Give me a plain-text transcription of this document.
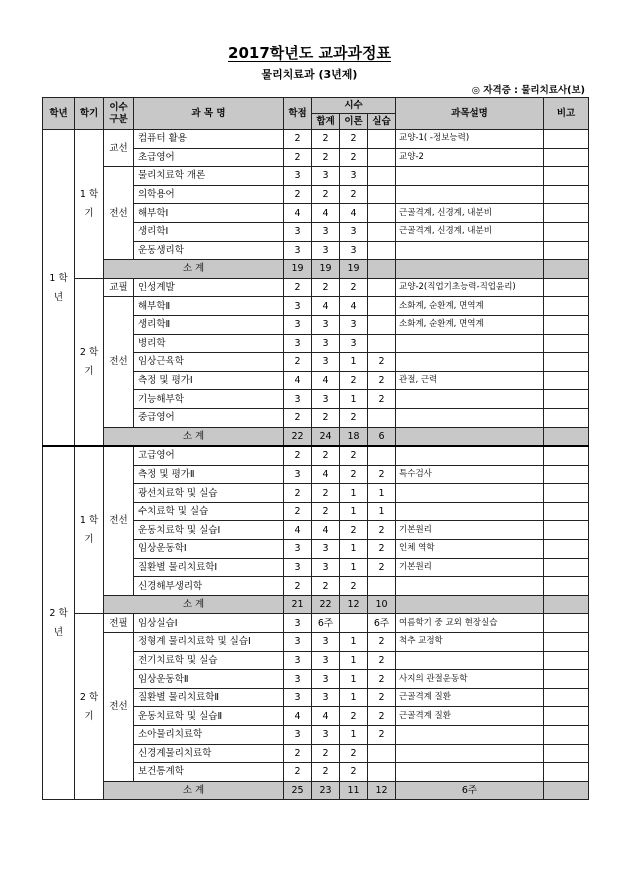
2017학년도 교과과정표
물리치료과 (3년제)
◎ 자격증 : 물리치료사(보)
학년	학기	이수구분	과 목 명	학점	시수			과목설명	비고
					합계	이론	실습		
1 학 년	1 학 기	교선	컴퓨터 활용	2	2	2		교양-1( -정보능력)	
			초급영어	2	2	2		교양-2	
		전선	물리치료학 개론	3	3	3			
			의학용어	2	2	2			
			해부학Ⅰ	4	4	4		근골격계, 신경계, 내분비	
			생리학Ⅰ	3	3	3		근골격계, 신경계, 내분비	
			운동생리학	3	3	3			
		소 계		19	19	19			
	2 학 기	교필	인성계발	2	2	2		교양-2(직업기초능력-직업윤리)	
		전선	해부학Ⅱ	3	4	4		소화계, 순환계, 면역계	
			생리학Ⅱ	3	3	3		소화계, 순환계, 면역계	
			병리학	3	3	3			
			임상근육학	2	3	1	2		
			측정 및 평가Ⅰ	4	4	2	2	관절, 근력	
			기능해부학	3	3	1	2		
			중급영어	2	2	2			
		소 계		22	24	18	6		
2 학 년	1 학 기	전선	고급영어	2	2	2			
			측정 및 평가Ⅱ	3	4	2	2	특수검사	
			광선치료학 및 실습	2	2	1	1		
			수치료학 및 실습	2	2	1	1		
			운동치료학 및 실습Ⅰ	4	4	2	2	기본원리	
			임상운동학Ⅰ	3	3	1	2	인체 역학	
			질환별 물리치료학Ⅰ	3	3	1	2	기본원리	
			신경해부생리학	2	2	2			
		소 계		21	22	12	10		
	2 학 기	전필	임상실습Ⅰ	3	6주		6주	여름학기 중 교외 현장실습	
		전선	정형계 물리치료학 및 실습Ⅰ	3	3	1	2	척추 교정학	
			전기치료학 및 실습	3	3	1	2		
			임상운동학Ⅱ	3	3	1	2	사지의 관절운동학	
			질환별 물리치료학Ⅱ	3	3	1	2	근골격계 질환	
			운동치료학 및 실습Ⅱ	4	4	2	2	근골격계 질환	
			소아물리치료학	3	3	1	2		
			신경계물리치료학	2	2	2			
			보건통계학	2	2	2			
		소 계		25	23	11	12	6주	
